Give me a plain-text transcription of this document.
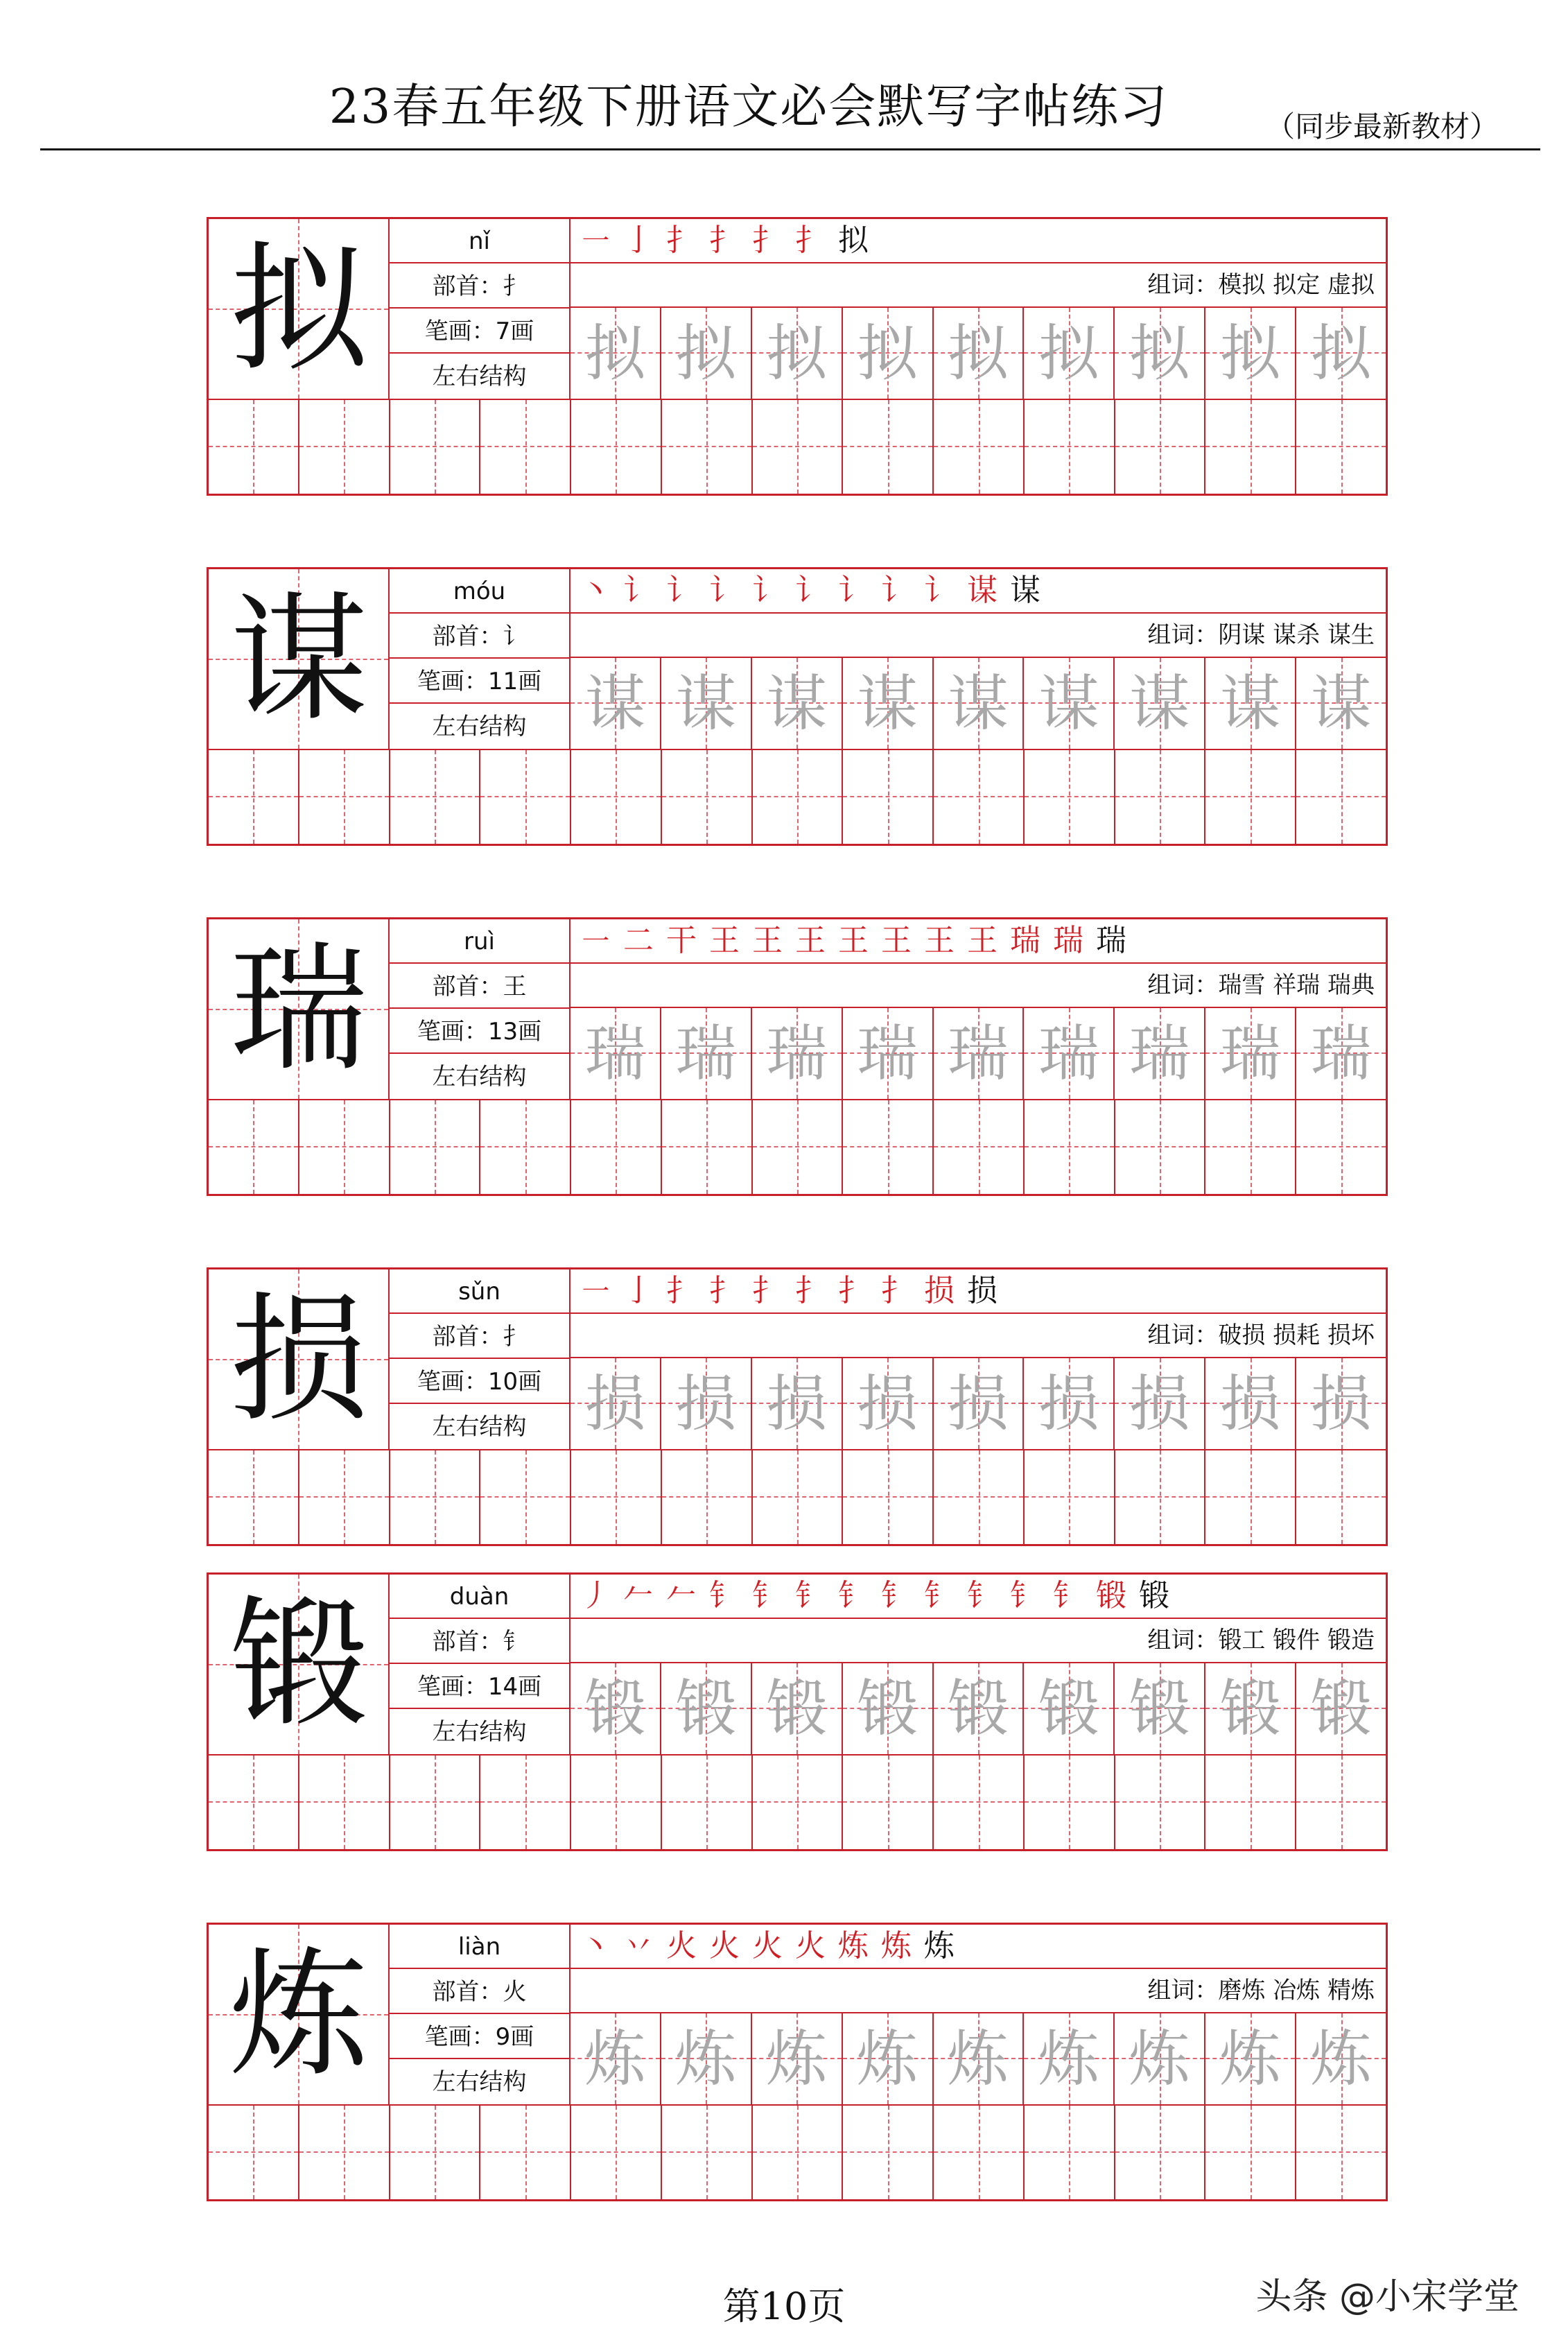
23春五年级下册语文必会默写字帖练习	（同步最新教材）
拟	nǐ
部首：扌
笔画：7画
左右结构
㇐亅扌扌扌扌拟
组词：模拟 拟定 虚拟
拟 拟 拟 拟 拟 拟 拟 拟 拟
谋	móu
部首：讠
笔画：11画
左右结构
丶讠讠讠讠讠讠讠讠谋谋
组词：阴谋 谋杀 谋生
谋 谋 谋 谋 谋 谋 谋 谋 谋
瑞	ruì
部首：王
笔画：13画
左右结构
㇐二干王王王王王王王瑞瑞瑞
组词：瑞雪 祥瑞 瑞典
瑞 瑞 瑞 瑞 瑞 瑞 瑞 瑞 瑞
损	sǔn
部首：扌
笔画：10画
左右结构
㇐亅扌扌扌扌扌扌损损
组词：破损 损耗 损坏
损 损 损 损 损 损 损 损 损
锻	duàn
部首：钅
笔画：14画
左右结构
丿𠂉𠂉钅钅钅钅钅钅钅钅钅锻锻
组词：锻工 锻件 锻造
锻 锻 锻 锻 锻 锻 锻 锻 锻
炼	liàn
部首：火
笔画：9画
左右结构
丶丷火火火火炼炼炼
组词：磨炼 冶炼 精炼
炼 炼 炼 炼 炼 炼 炼 炼 炼
第10页	头条 @小宋学堂
